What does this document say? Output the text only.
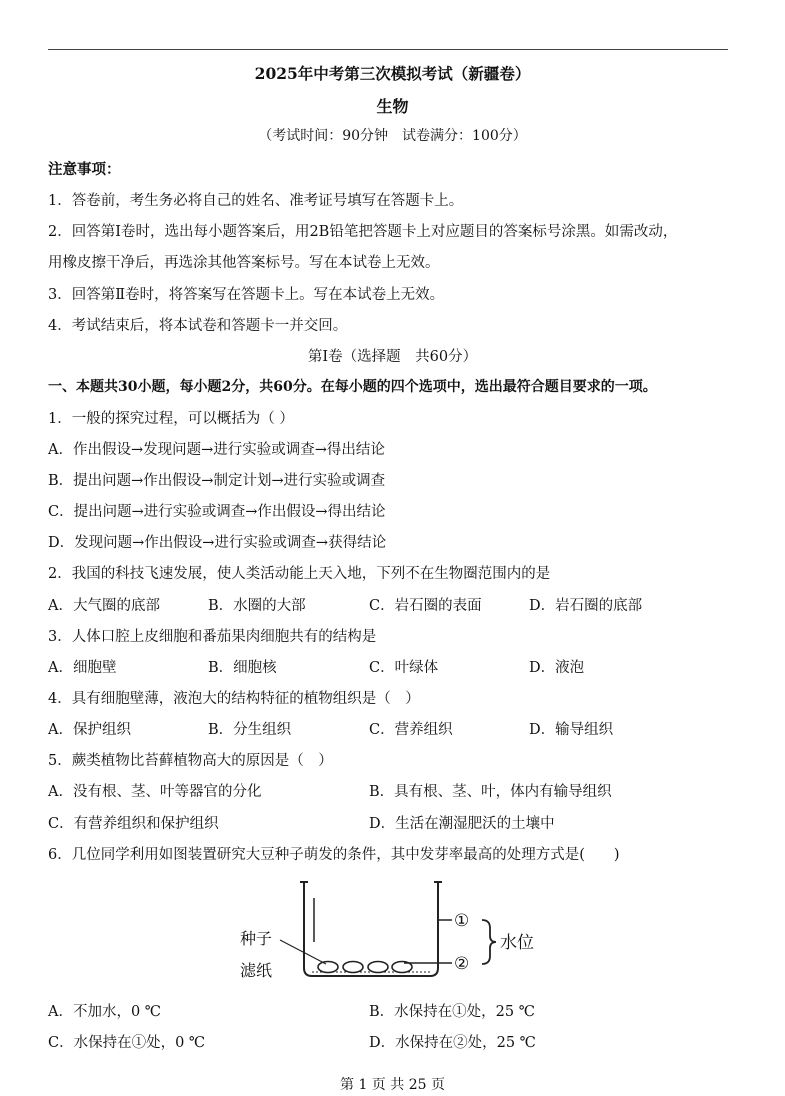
2025年中考第三次模拟考试（新疆卷）
生物
（考试时间：90分钟　试卷满分：100分）
注意事项：
1．答卷前，考生务必将自己的姓名、准考证号填写在答题卡上。
2．回答第Ⅰ卷时，选出每小题答案后，用2B铅笔把答题卡上对应题目的答案标号涂黑。如需改动，
用橡皮擦干净后，再选涂其他答案标号。写在本试卷上无效。
3．回答第Ⅱ卷时，将答案写在答题卡上。写在本试卷上无效。
4．考试结束后，将本试卷和答题卡一并交回。
第Ⅰ卷（选择题　共60分）
一、本题共30小题，每小题2分，共60分。在每小题的四个选项中，选出最符合题目要求的一项。
1．一般的探究过程，可以概括为（ ）
A．作出假设→发现问题→进行实验或调查→得出结论
B．提出问题→作出假设→制定计划→进行实验或调查
C．提出问题→进行实验或调查→作出假设→得出结论
D．发现问题→作出假设→进行实验或调查→获得结论
2．我国的科技飞速发展，使人类活动能上天入地，下列不在生物圈范围内的是
A．大气圈的底部	B．水圈的大部	C．岩石圈的表面	D．岩石圈的底部
3．人体口腔上皮细胞和番茄果肉细胞共有的结构是
A．细胞壁	B．细胞核	C．叶绿体	D．液泡
4．具有细胞壁薄，液泡大的结构特征的植物组织是（　）
A．保护组织	B．分生组织	C．营养组织	D．输导组织
5．蕨类植物比苔藓植物高大的原因是（　）
A．没有根、茎、叶等器官的分化	B．具有根、茎、叶，体内有输导组织
C．有营养组织和保护组织	D．生活在潮湿肥沃的土壤中
6．几位同学利用如图装置研究大豆种子萌发的条件，其中发芽率最高的处理方式是(　　)
种子
滤纸
①
②
水位
A．不加水，0 ℃	B．水保持在①处，25 ℃
C．水保持在①处，0 ℃	D．水保持在②处，25 ℃
第 1 页 共 25 页
